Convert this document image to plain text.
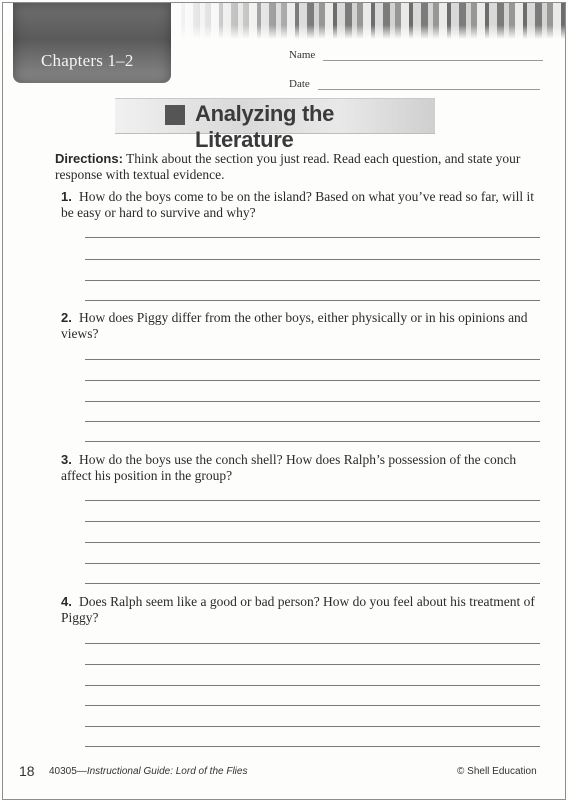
Chapters 1–2	Name
Date
Analyzing the Literature
Directions: Think about the section you just read. Read each question, and state your response with textual evidence.
1. How do the boys come to be on the island? Based on what you’ve read so far, will it be easy or hard to survive and why?
2. How does Piggy differ from the other boys, either physically or in his opinions and views?
3. How do the boys use the conch shell? How does Ralph’s possession of the conch affect his position in the group?
4. Does Ralph seem like a good or bad person? How do you feel about his treatment of Piggy?
18 40305—Instructional Guide: Lord of the Flies	© Shell Education
